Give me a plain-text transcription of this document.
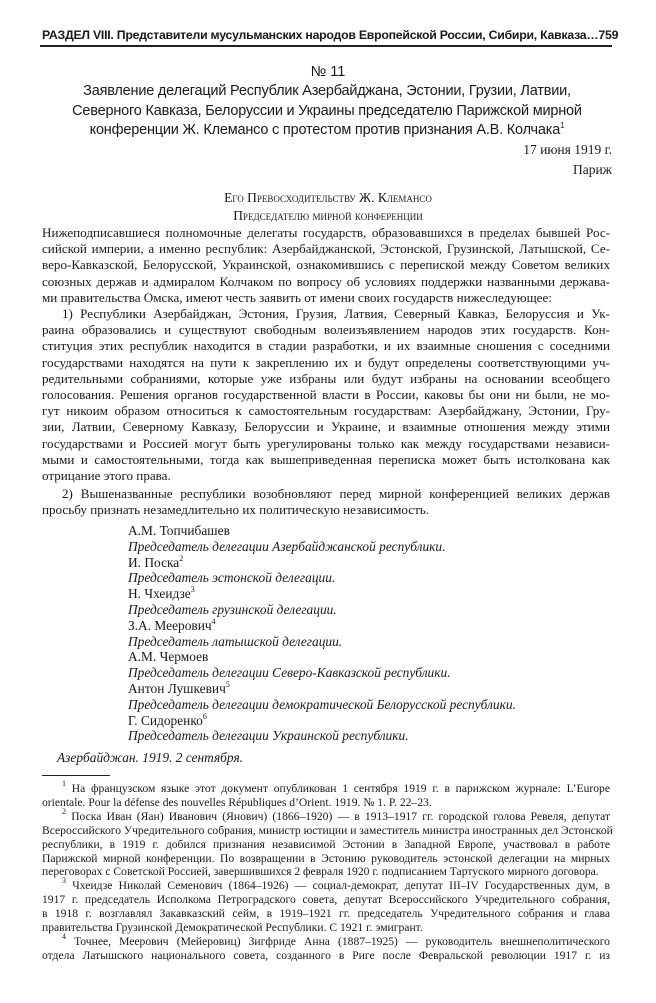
РАЗДЕЛ VIII. Представители мусульманских народов Европейской России, Сибири, Кавказа… 759
№ 11
Заявление делегаций Республик Азербайджана, Эстонии, Грузии, Латвии,
Северного Кавказа, Белоруссии и Украины председателю Парижской мирной
конференции Ж. Клемансо с протестом против признания А.В. Колчака$^1$
17 июня 1919 г.
Париж
Его Превосходительству Ж. Клемансо
Председателю мирной конференции
Нижеподписавшиеся полномочные делегаты государств, образовавшихся в пределах бывшей Рос-
сийской империи, а именно республик: Азербайджанской, Эстонской, Грузинской, Латышской, Се-
веро-Кавказской, Белорусской, Украинской, ознакомившись с перепиской между Советом великих
союзных держав и адмиралом Колчаком по вопросу об условиях поддержки названными держава-
ми правительства Омска, имеют честь заявить от имени своих государств нижеследующее:
1) Республики Азербайджан, Эстония, Грузия, Латвия, Северный Кавказ, Белоруссия и Ук-
раина образовались и существуют свободным волеизъявлением народов этих государств. Кон-
ституция этих республик находится в стадии разработки, и их взаимные сношения с соседними
государствами находятся на пути к закреплению их и будут определены соответствующими уч-
редительными собраниями, которые уже избраны или будут избраны на основании всеобщего
голосования. Решения органов государственной власти в России, каковы бы они ни были, не мо-
гут никоим образом относиться к самостоятельным государствам: Азербайджану, Эстонии, Гру-
зии, Латвии, Северному Кавказу, Белоруссии и Украине, и взаимные отношения между этими
государствами и Россией могут быть урегулированы только как между государствами независи-
мыми и самостоятельными, тогда как вышеприведенная переписка может быть истолкована как
отрицание этого права.
2) Вышеназванные республики возобновляют перед мирной конференцией великих держав
просьбу признать незамедлительно их политическую независимость.
А.М. Топчибашев
Председатель делегации Азербайджанской республики.
И. Поска$^2$
Председатель эстонской делегации.
Н. Чхеидзе$^3$
Председатель грузинской делегации.
З.А. Меерович$^4$
Председатель латышской делегации.
А.М. Чермоев
Председатель делегации Северо-Кавказской республики.
Антон Лушкевич$^5$
Председатель делегации демократической Белорусской республики.
Г. Сидоренко$^6$
Председатель делегации Украинской республики.
Азербайджан. 1919. 2 сентября.
$^1$ На французском языке этот документ опубликован 1 сентября 1919 г. в парижском журнале: L’Europe
orientale. Pour la défense des nouvelles Républiques d’Orient. 1919. № 1. P. 22–23.
$^2$ Поска Иван (Яан) Иванович (Янович) (1866–1920) — в 1913–1917 гг. городской голова Ревеля, депутат
Всероссийского Учредительного собрания, министр юстиции и заместитель министра иностранных дел Эстонской
республики, в 1919 г. добился признания независимой Эстонии в Западной Европе, участвовал в работе
Парижской мирной конференции. По возвращении в Эстонию руководитель эстонской делегации на мирных
переговорах с Советской Россией, завершившихся 2 февраля 1920 г. подписанием Тартуского мирного договора.
$^3$ Чхеидзе Николай Семенович (1864–1926) — социал-демократ, депутат III–IV Государственных дум, в
1917 г. председатель Исполкома Петроградского совета, депутат Всероссийского Учредительного собрания,
в 1918 г. возглавлял Закавказский сейм, в 1919–1921 гг. председатель Учредительного собрания и глава
правительства Грузинской Демократической Республики. С 1921 г. эмигрант.
$^4$ Точнее, Меерович (Мейеровиц) Зигфриде Анна (1887–1925) — руководитель внешнеполитического
отдела Латышского национального совета, созданного в Риге после Февральской революции 1917 г. из
